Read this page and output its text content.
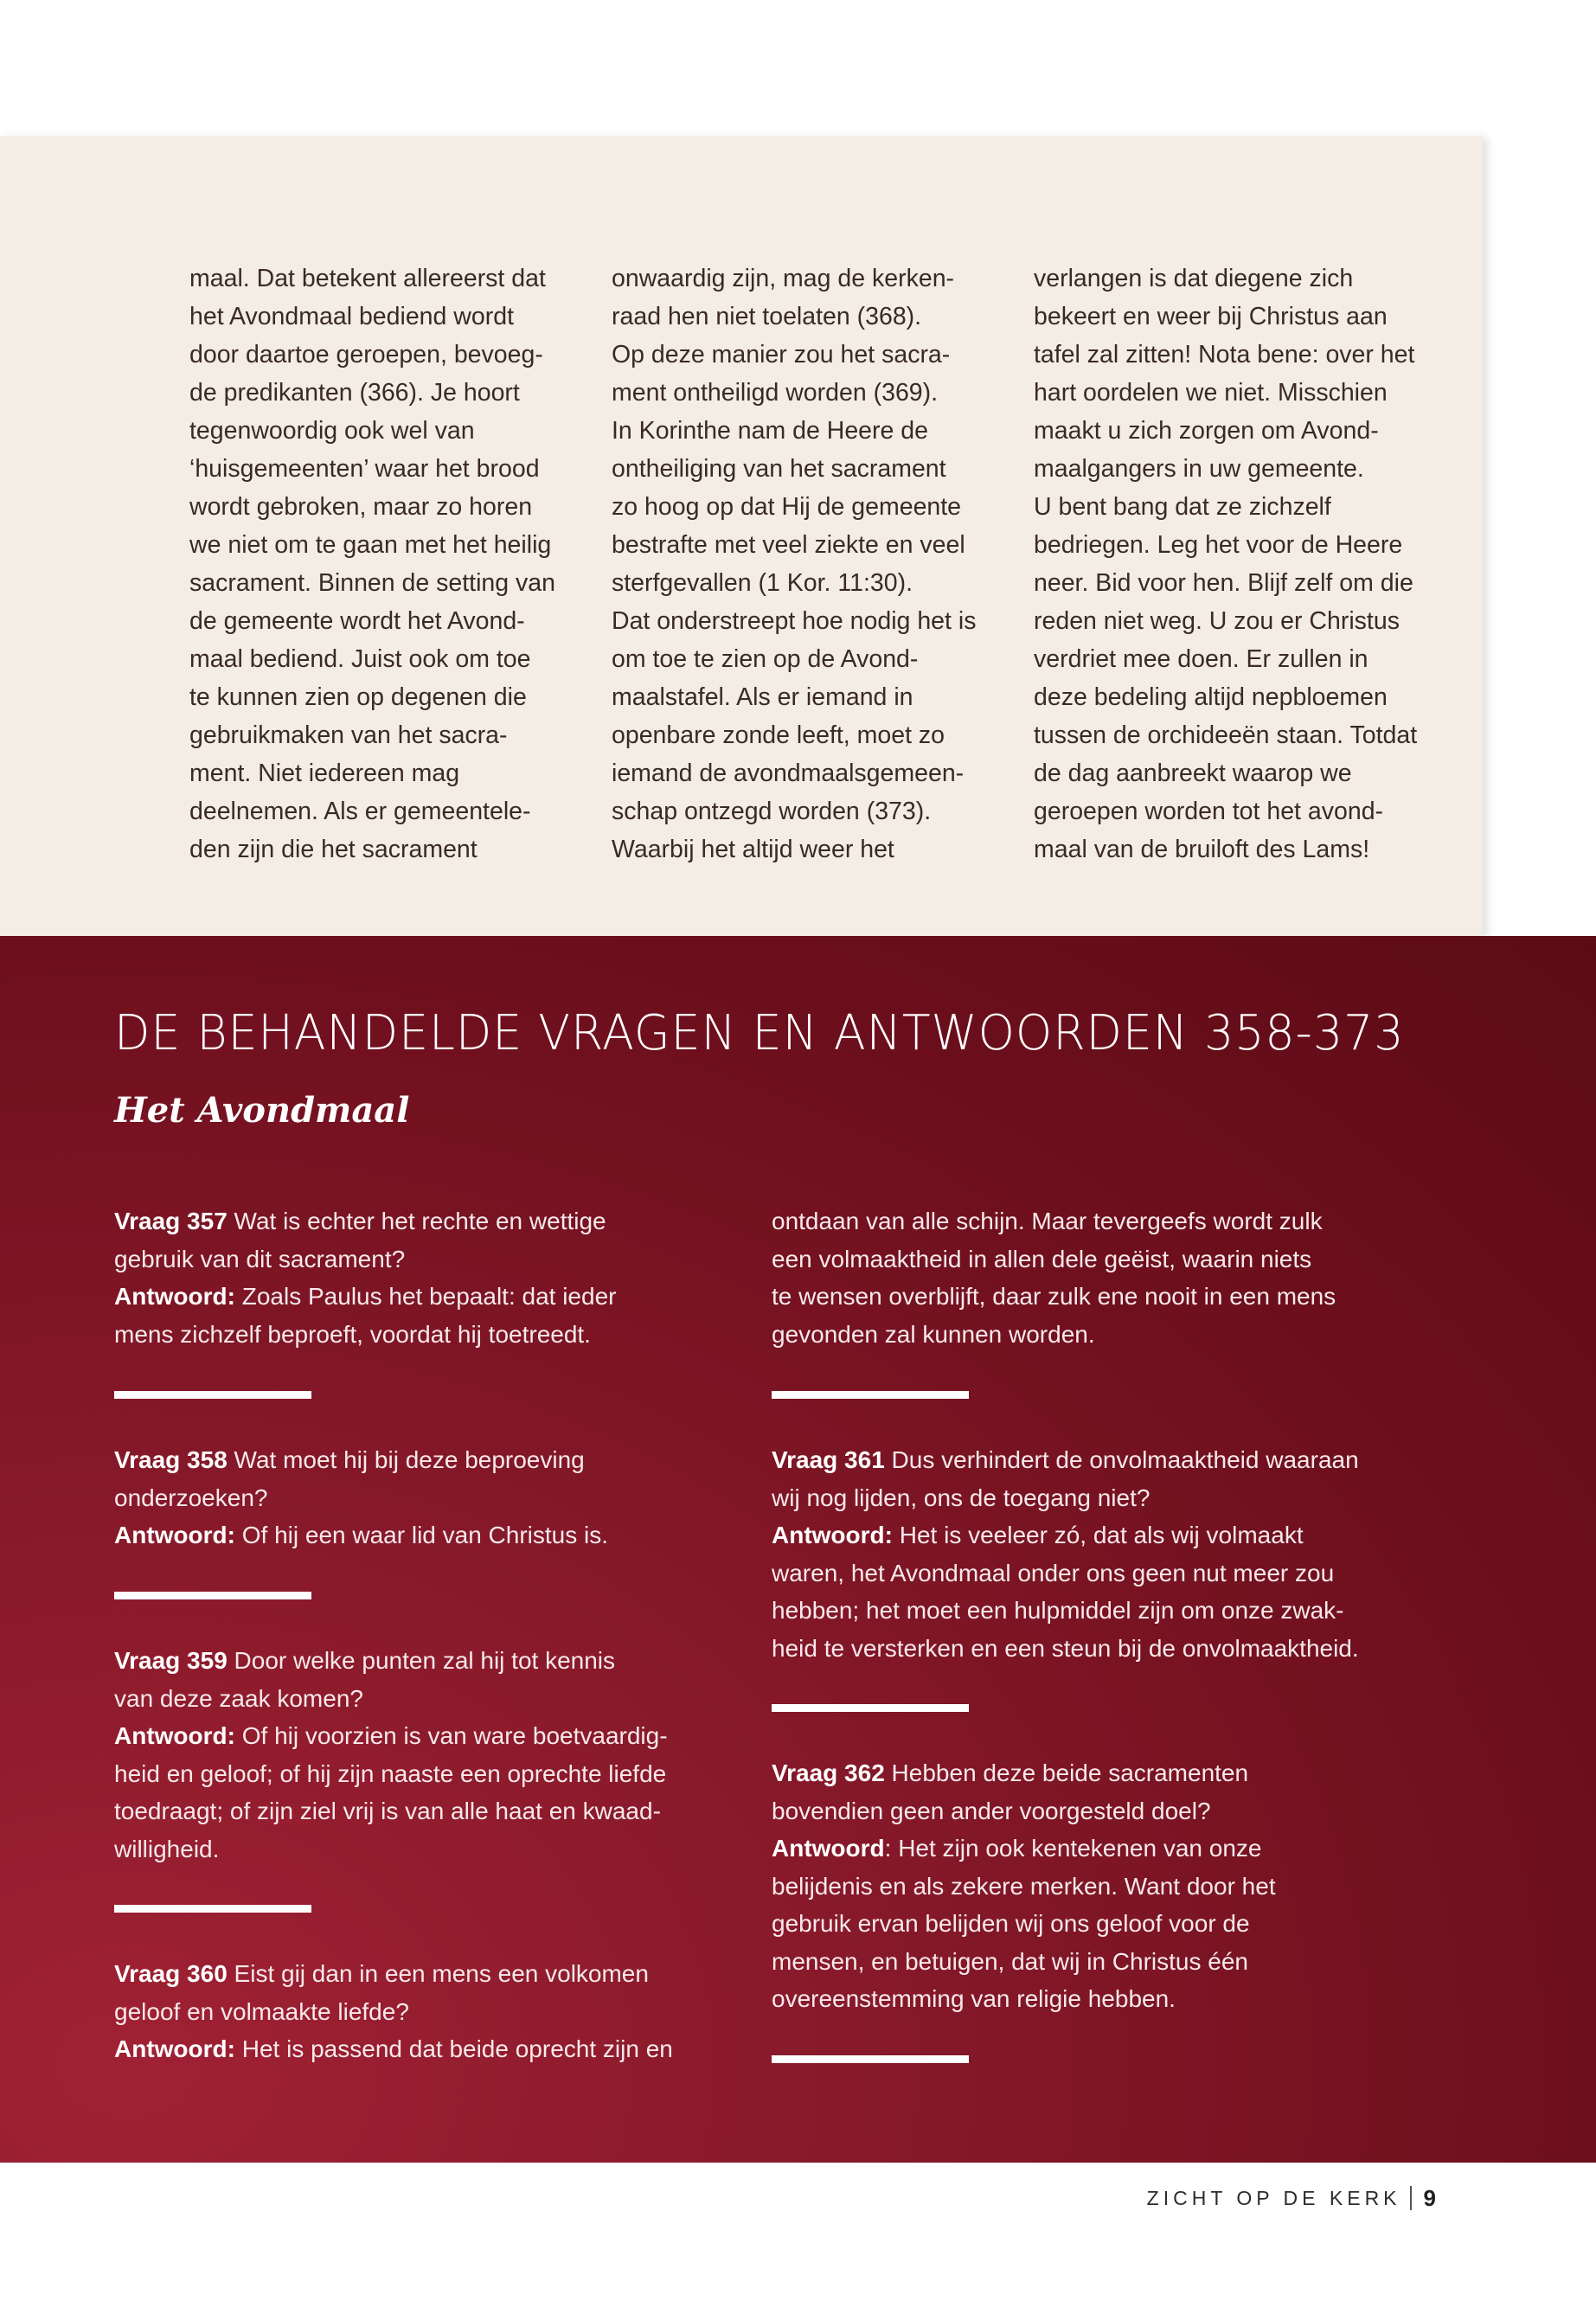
maal. Dat betekent allereerst dat
het Avondmaal bediend wordt
door daartoe geroepen, bevoeg-
de predikanten (366). Je hoort
tegenwoordig ook wel van
‘huisgemeenten’ waar het brood
wordt gebroken, maar zo horen
we niet om te gaan met het heilig
sacrament. Binnen de setting van
de gemeente wordt het Avond-
maal bediend. Juist ook om toe
te kunnen zien op degenen die
gebruikmaken van het sacra-
ment. Niet iedereen mag
deelnemen. Als er gemeentele-
den zijn die het sacrament
onwaardig zijn, mag de kerken-
raad hen niet toelaten (368).
Op deze manier zou het sacra-
ment ontheiligd worden (369).
In Korinthe nam de Heere de
ontheiliging van het sacrament
zo hoog op dat Hij de gemeente
bestrafte met veel ziekte en veel
sterfgevallen (1 Kor. 11:30).
Dat onderstreept hoe nodig het is
om toe te zien op de Avond-
maalstafel. Als er iemand in
openbare zonde leeft, moet zo
iemand de avondmaalsgemeen-
schap ontzegd worden (373).
Waarbij het altijd weer het
verlangen is dat diegene zich
bekeert en weer bij Christus aan
tafel zal zitten! Nota bene: over het
hart oordelen we niet. Misschien
maakt u zich zorgen om Avond-
maalgangers in uw gemeente.
U bent bang dat ze zichzelf
bedriegen. Leg het voor de Heere
neer. Bid voor hen. Blijf zelf om die
reden niet weg. U zou er Christus
verdriet mee doen. Er zullen in
deze bedeling altijd nepbloemen
tussen de orchideeën staan. Totdat
de dag aanbreekt waarop we
geroepen worden tot het avond-
maal van de bruiloft des Lams!
DE BEHANDELDE VRAGEN EN ANTWOORDEN 358-373
Het Avondmaal
Vraag 357 Wat is echter het rechte en wettige
gebruik van dit sacrament?
Antwoord: Zoals Paulus het bepaalt: dat ieder
mens zichzelf beproeft, voordat hij toetreedt.
Vraag 358 Wat moet hij bij deze beproeving
onderzoeken?
Antwoord: Of hij een waar lid van Christus is.
Vraag 359 Door welke punten zal hij tot kennis
van deze zaak komen?
Antwoord: Of hij voorzien is van ware boetvaardig-
heid en geloof; of hij zijn naaste een oprechte liefde
toedraagt; of zijn ziel vrij is van alle haat en kwaad-
willigheid.
Vraag 360 Eist gij dan in een mens een volkomen
geloof en volmaakte liefde?
Antwoord: Het is passend dat beide oprecht zijn en
ontdaan van alle schijn. Maar tevergeefs wordt zulk
een volmaaktheid in allen dele geëist, waarin niets
te wensen overblijft, daar zulk ene nooit in een mens
gevonden zal kunnen worden.
Vraag 361 Dus verhindert de onvolmaaktheid waaraan
wij nog lijden, ons de toegang niet?
Antwoord: Het is veeleer zó, dat als wij volmaakt
waren, het Avondmaal onder ons geen nut meer zou
hebben; het moet een hulpmiddel zijn om onze zwak-
heid te versterken en een steun bij de onvolmaaktheid.
Vraag 362 Hebben deze beide sacramenten
bovendien geen ander voorgesteld doel?
Antwoord: Het zijn ook kentekenen van onze
belijdenis en als zekere merken. Want door het
gebruik ervan belijden wij ons geloof voor de
mensen, en betuigen, dat wij in Christus één
overeenstemming van religie hebben.
ZICHT OP DE KERK 9
